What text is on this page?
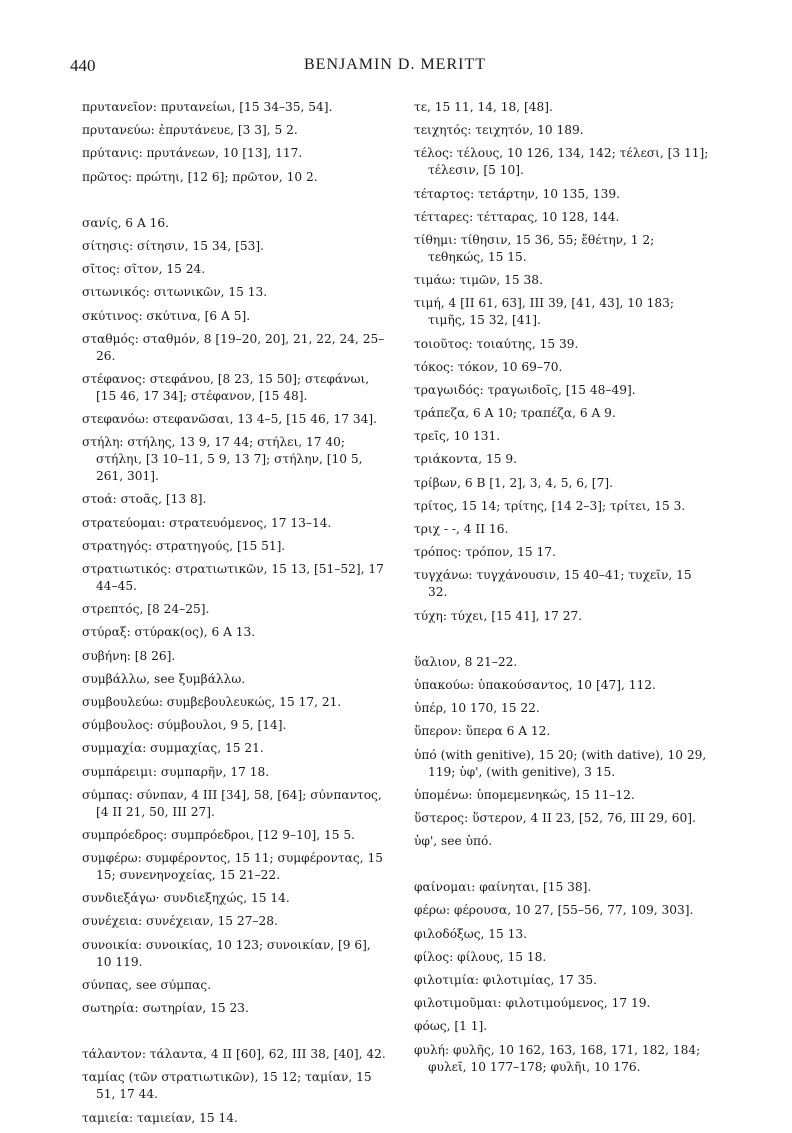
440	BENJAMIN D. MERITT
πρυτανεῖον: πρυτανείωι, [15 34–35, 54].
πρυτανεύω: ἐπρυτάνευε, [3 3], 5 2.
πρύτανις: πρυτάνεων, 10 [13], 117.
πρῶτος: πρώτηι, [12 6]; πρῶτον, 10 2.
σανίς, 6 A 16.
σίτησις: σίτησιν, 15 34, [53].
σῖτος: σῖτον, 15 24.
σιτωνικός: σιτωνικῶν, 15 13.
σκύτινος: σκύτινα, [6 A 5].
σταθμός: σταθμόν, 8 [19–20, 20], 21, 22, 24, 25–26.
στέφανος: στεφάνου, [8 23, 15 50]; στεφάνωι, [15 46, 17 34]; στέφανον, [15 48].
στεφανόω: στεφανῶσαι, 13 4–5, [15 46, 17 34].
στήλη: στήλης, 13 9, 17 44; στήλει, 17 40; στήληι, [3 10–11, 5 9, 13 7]; στήλην, [10 5, 261, 301].
στοά: στοᾶς, [13 8].
στρατεύομαι: στρατευόμενος, 17 13–14.
στρατηγός: στρατηγούς, [15 51].
στρατιωτικός: στρατιωτικῶν, 15 13, [51–52], 17 44–45.
στρεπτός, [8 24–25].
στύραξ: στύρακ(ος), 6 A 13.
συβήνη: [8 26].
συμβάλλω, see ξυμβάλλω.
συμβουλεύω: συμβεβουλευκώς, 15 17, 21.
σύμβουλος: σύμβουλοι, 9 5, [14].
συμμαχία: συμμαχίας, 15 21.
συμπάρειμι: συμπαρῆν, 17 18.
σύμπας: σύνπαν, 4 III [34], 58, [64]; σύνπαντος, [4 II 21, 50, III 27].
συμπρόεδρος: συμπρόεδροι, [12 9–10], 15 5.
συμφέρω: συμφέροντος, 15 11; συμφέροντας, 15 15; συνενηνοχείας, 15 21–22.
συνδιεξάγω· συνδιεξηχώς, 15 14.
συνέχεια: συνέχειαν, 15 27–28.
συνοικία: συνοικίας, 10 123; συνοικίαν, [9 6], 10 119.
σύνπας, see σύμπας.
σωτηρία: σωτηρίαν, 15 23.
τάλαντον: τάλαντα, 4 II [60], 62, III 38, [40], 42.
ταμίας (τῶν στρατιωτικῶν), 15 12; ταμίαν, 15 51, 17 44.
ταμιεία: ταμιείαν, 15 14.
τε, 15 11, 14, 18, [48].
τειχητός: τειχητόν, 10 189.
τέλος: τέλους, 10 126, 134, 142; τέλεσι, [3 11]; τέλεσιν, [5 10].
τέταρτος: τετάρτην, 10 135, 139.
τέτταρες: τέτταρας, 10 128, 144.
τίθημι: τίθησιν, 15 36, 55; ἔθέτην, 1 2; τεθηκώς, 15 15.
τιμάω: τιμῶν, 15 38.
τιμή, 4 [II 61, 63], III 39, [41, 43], 10 183; τιμῆς, 15 32, [41].
τοιοῦτος: τοιαύτης, 15 39.
τόκος: τόκον, 10 69–70.
τραγωιδός: τραγωιδοῖς, [15 48–49].
τράπεζα, 6 A 10; τραπέζα, 6 A 9.
τρεῖς, 10 131.
τριάκοντα, 15 9.
τρίβων, 6 B [1, 2], 3, 4, 5, 6, [7].
τρίτος, 15 14; τρίτης, [14 2–3]; τρίτει, 15 3.
τριχ - -, 4 II 16.
τρόπος: τρόπον, 15 17.
τυγχάνω: τυγχάνουσιν, 15 40–41; τυχεῖν, 15 32.
τύχη: τύχει, [15 41], 17 27.
ὕαλιον, 8 21–22.
ὑπακούω: ὑπακούσαντος, 10 [47], 112.
ὑπέρ, 10 170, 15 22.
ὕπερον: ὕπερα 6 A 12.
ὑπό (with genitive), 15 20; (with dative), 10 29, 119; ὑφ', (with genitive), 3 15.
ὑπομένω: ὑπομεμενηκώς, 15 11–12.
ὕστερος: ὕστερον, 4 II 23, [52, 76, III 29, 60].
ὑφ', see ὑπό.
φαίνομαι: φαίνηται, [15 38].
φέρω: φέρουσα, 10 27, [55–56, 77, 109, 303].
φιλοδόξως, 15 13.
φίλος: φίλους, 15 18.
φιλοτιμία: φιλοτιμίας, 17 35.
φιλοτιμοῦμαι: φιλοτιμούμενος, 17 19.
φόως, [1 1].
φυλή: φυλῆς, 10 162, 163, 168, 171, 182, 184; φυλεῖ, 10 177–178; φυλῆι, 10 176.
